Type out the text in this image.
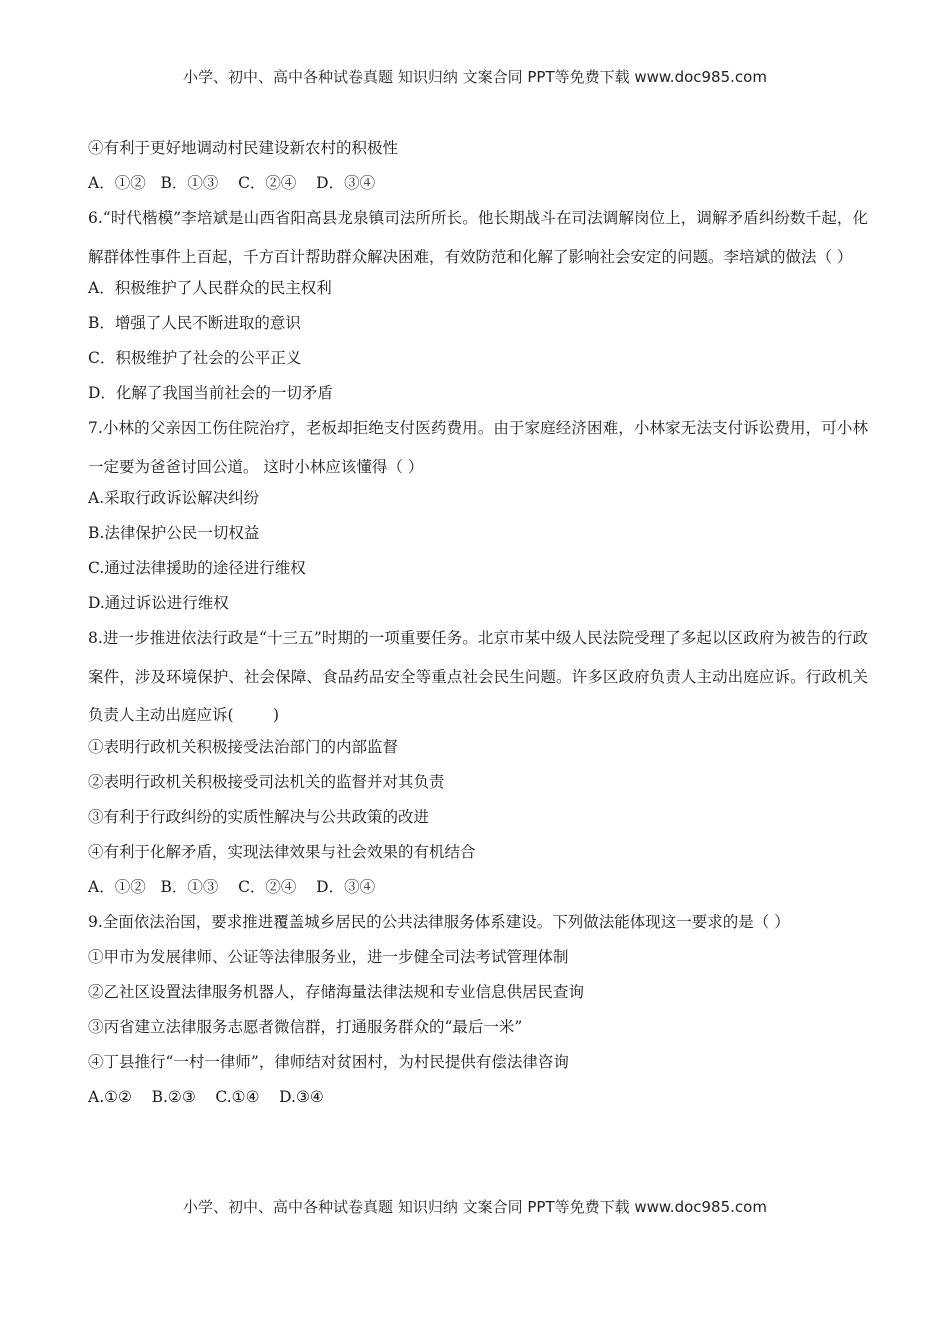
小学、初中、高中各种试卷真题 知识归纳 文案合同 PPT等免费下载 www.doc985.com

④有利于更好地调动村民建设新农村的积极性

A．①②   B．①③    C．②④    D．③④

6.“时代楷模”李培斌是山西省阳高县龙泉镇司法所所长。他长期战斗在司法调解岗位上，调解矛盾纠纷数千起，化解群体性事件上百起，千方百计帮助群众解决困难，有效防范和化解了影响社会安定的问题。李培斌的做法（ ）

A．积极维护了人民群众的民主权利

B．增强了人民不断进取的意识

C．积极维护了社会的公平正义

D．化解了我国当前社会的一切矛盾

7.小林的父亲因工伤住院治疗，老板却拒绝支付医药费用。由于家庭经济困难，小林家无法支付诉讼费用，可小林一定要为爸爸讨回公道。 这时小林应该懂得（ ）

A.采取行政诉讼解决纠纷

B.法律保护公民一切权益

C.通过法律援助的途径进行维权

D.通过诉讼进行维权

8.进一步推进依法行政是“十三五”时期的一项重要任务。北京市某中级人民法院受理了多起以区政府为被告的行政案件，涉及环境保护、社会保障、食品药品安全等重点社会民生问题。许多区政府负责人主动出庭应诉。行政机关负责人主动出庭应诉(        )

①表明行政机关积极接受法治部门的内部监督

②表明行政机关积极接受司法机关的监督并对其负责

③有利于行政纠纷的实质性解决与公共政策的改进

④有利于化解矛盾，实现法律效果与社会效果的有机结合

A．①②   B．①③    C．②④    D．③④

9.全面依法治国，要求推进覆盖城乡居民的公共法律服务体系建设。下列做法能体现这一要求的是（ ）

①甲市为发展律师、公证等法律服务业，进一步健全司法考试管理体制

②乙社区设置法律服务机器人，存储海量法律法规和专业信息供居民查询

③丙省建立法律服务志愿者微信群，打通服务群众的“最后一米”

④丁县推行“一村一律师”，律师结对贫困村，为村民提供有偿法律咨询

A.①②    B.②③    C.①④    D.③④

小学、初中、高中各种试卷真题 知识归纳 文案合同 PPT等免费下载 www.doc985.com
